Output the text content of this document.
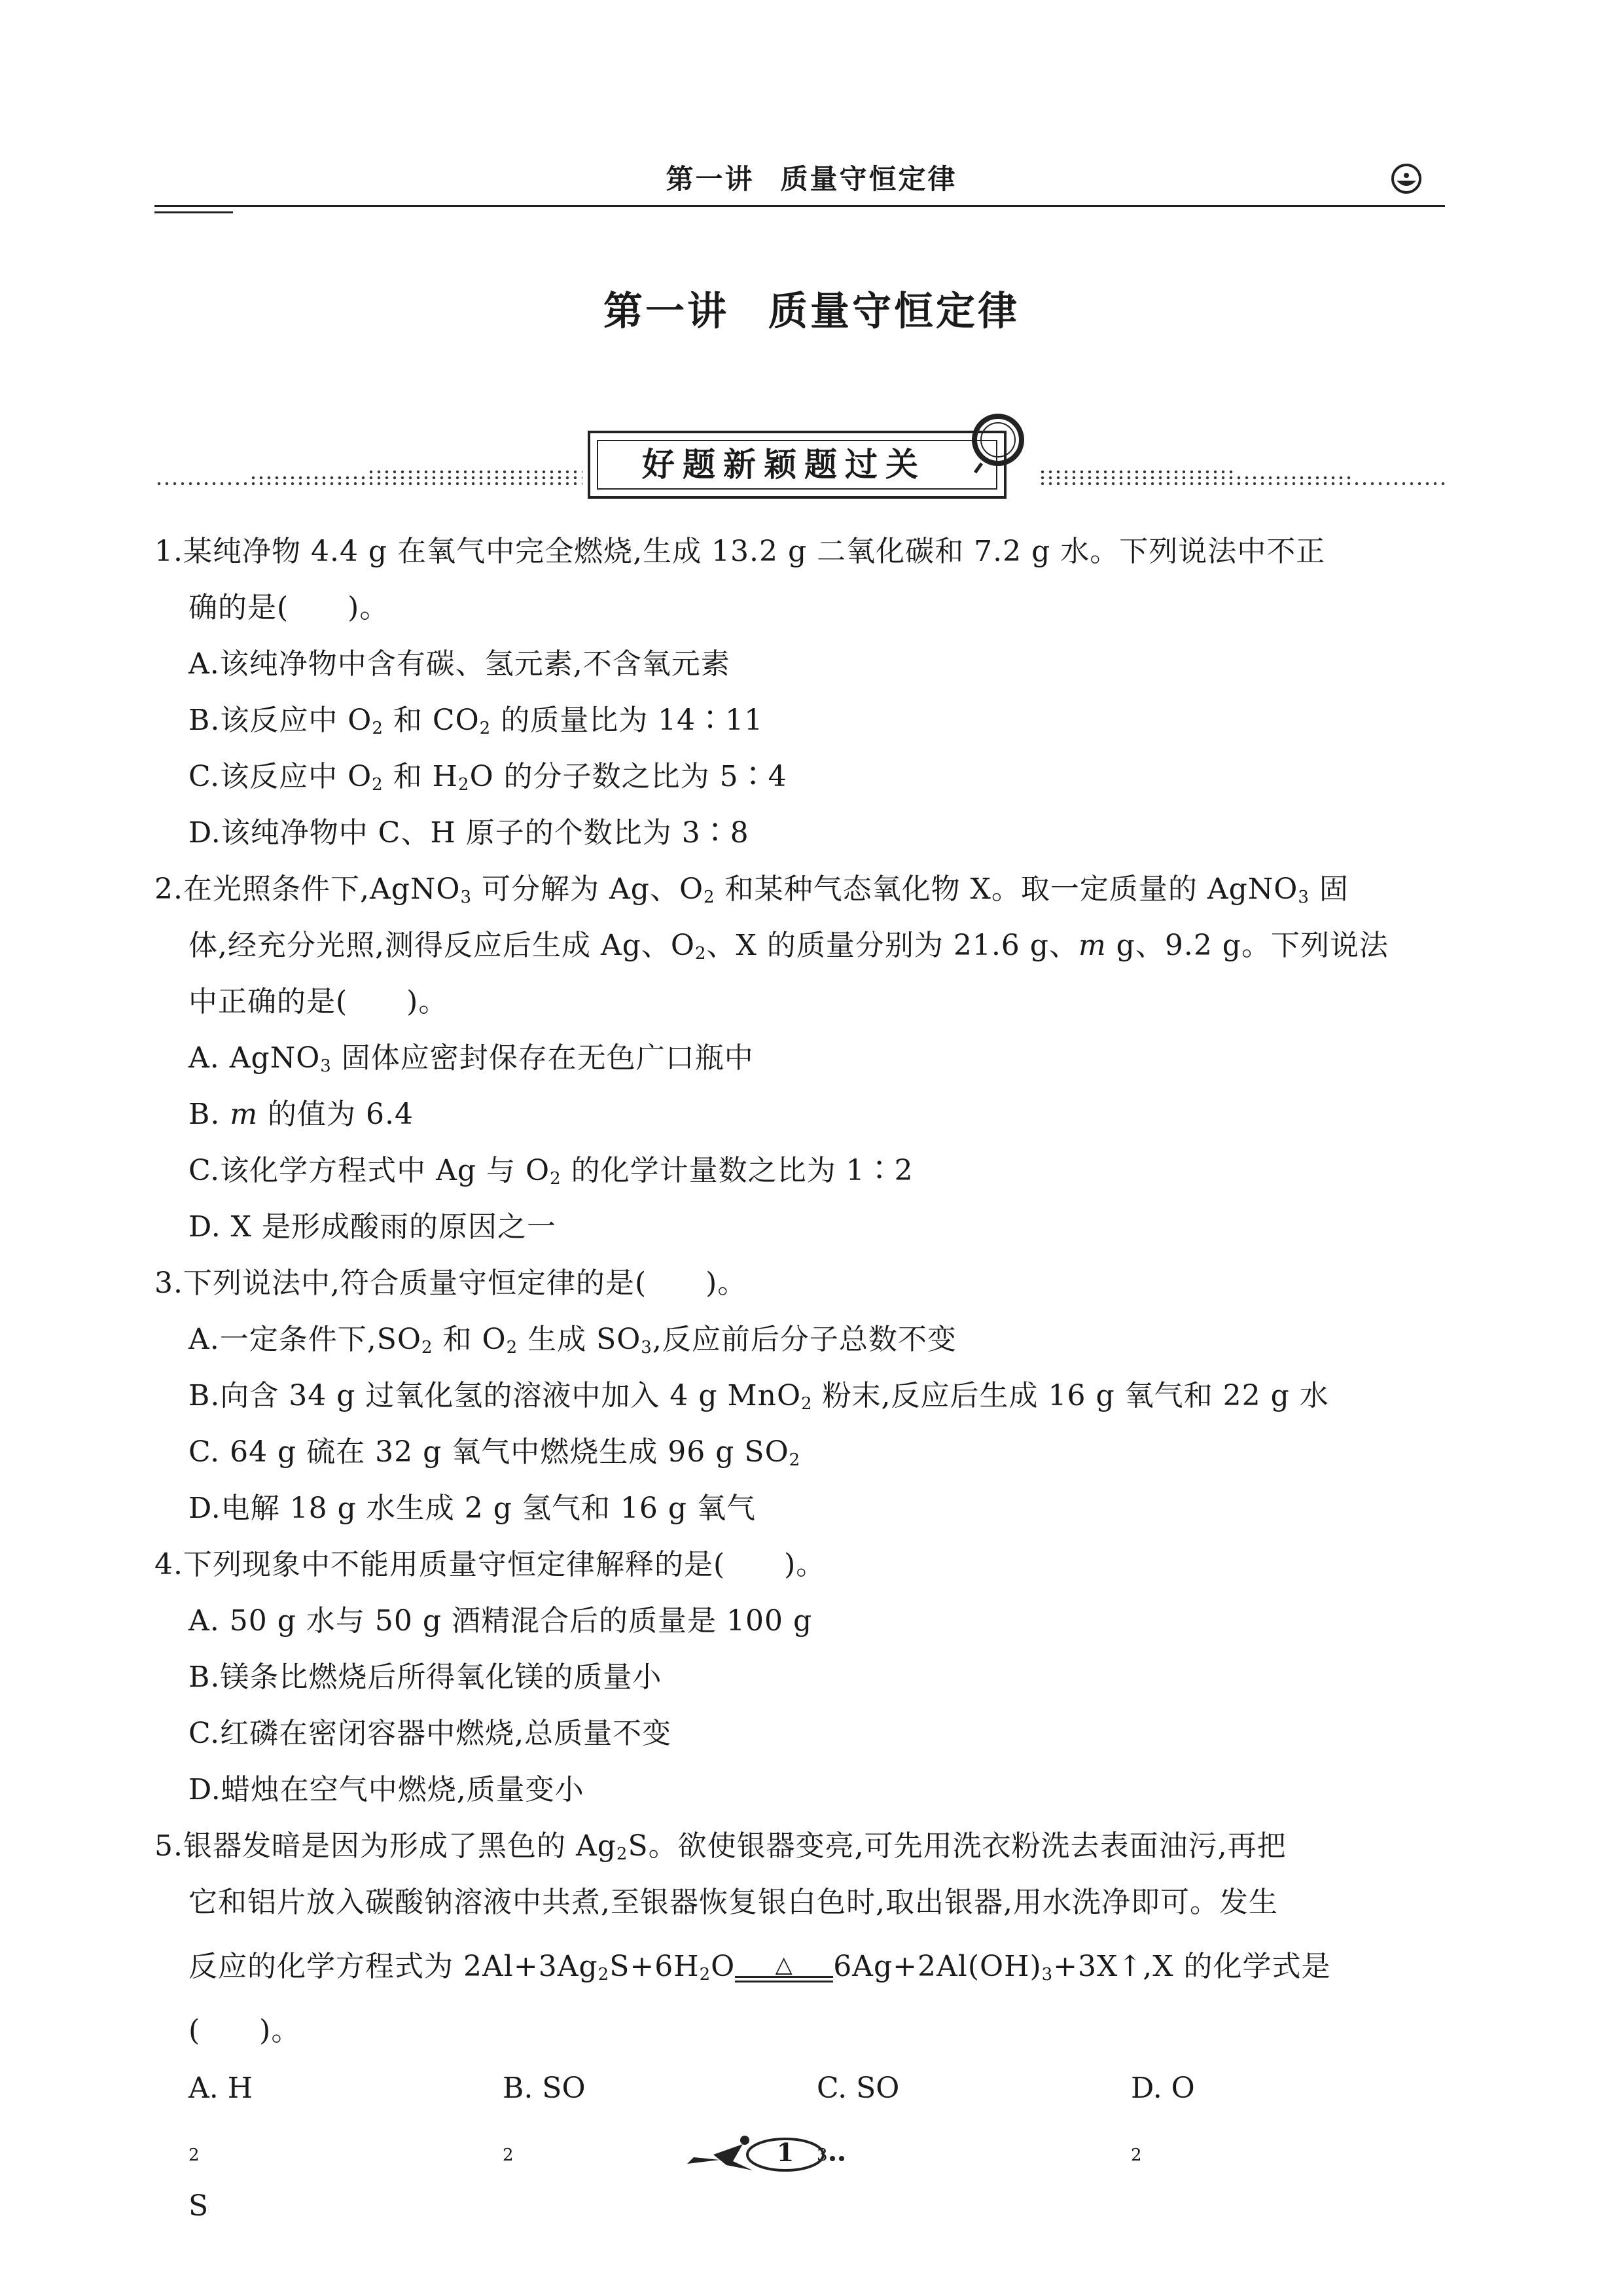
第一讲 质量守恒定律
第一讲 质量守恒定律
好题新颖题过关
1.某纯净物 4.4 g 在氧气中完全燃烧,生成 13.2 g 二氧化碳和 7.2 g 水。下列说法中不正
确的是(　　)。
A.该纯净物中含有碳、氢元素,不含氧元素
B.该反应中 $O_2$ 和 $CO_2$ 的质量比为 14∶11
C.该反应中 $O_2$ 和 $H_2O$ 的分子数之比为 5∶4
D.该纯净物中 C、H 原子的个数比为 3∶8
2.在光照条件下,AgNO$_3$ 可分解为 Ag、$O_2$ 和某种气态氧化物 X。取一定质量的 AgNO$_3$ 固
体,经充分光照,测得反应后生成 Ag、$O_2$、X 的质量分别为 21.6 g、m g、9.2 g。下列说法
中正确的是(　　)。
A. AgNO$_3$ 固体应密封保存在无色广口瓶中
B. m 的值为 6.4
C.该化学方程式中 Ag 与 $O_2$ 的化学计量数之比为 1∶2
D. X 是形成酸雨的原因之一
3.下列说法中,符合质量守恒定律的是(　　)。
A.一定条件下$,SO_2$ 和 $O_2$ 生成 $SO_3$,反应前后分子总数不变
B.向含 34 g 过氧化氢的溶液中加入 4 g MnO$_2$ 粉末,反应后生成 16 g 氧气和 22 g 水
C. 64 g 硫在 32 g 氧气中燃烧生成 96 g $SO_2$
D.电解 18 g 水生成 2 g 氢气和 16 g 氧气
4.下列现象中不能用质量守恒定律解释的是(　　)。
A. 50 g 水与 50 g 酒精混合后的质量是 100 g
B.镁条比燃烧后所得氧化镁的质量小
C.红磷在密闭容器中燃烧,总质量不变
D.蜡烛在空气中燃烧,质量变小
5.银器发暗是因为形成了黑色的 $Ag_2S$。欲使银器变亮,可先用洗衣粉洗去表面油污,再把
它和铝片放入碳酸钠溶液中共煮,至银器恢复银白色时,取出银器,用水洗净即可。发生
反应的化学方程式为 $2Al+3Ag_2S+6H_2O$	△	$6Ag+2Al(OH)_3+3X↑,X$ 的化学式是
(　　)。
A. H
$_2$
S
B. SO
$_2$
C. SO
$_3$
D. O
$_2$
1
